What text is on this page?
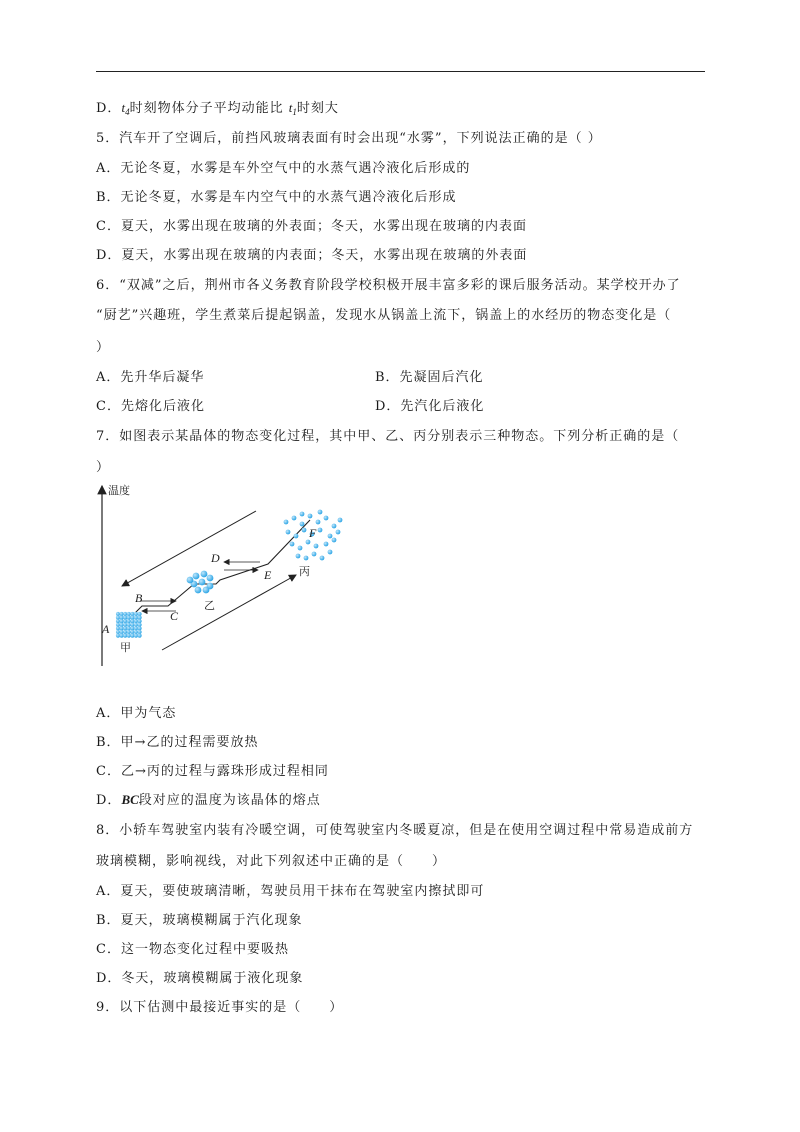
D．$t_4$时刻物体分子平均动能比 $t_1$时刻大
5．汽车开了空调后，前挡风玻璃表面有时会出现“水雾”，下列说法正确的是（ ）
A．无论冬夏，水雾是车外空气中的水蒸气遇冷液化后形成的
B．无论冬夏，水雾是车内空气中的水蒸气遇冷液化后形成
C．夏天，水雾出现在玻璃的外表面；冬天，水雾出现在玻璃的内表面
D．夏天，水雾出现在玻璃的内表面；冬天，水雾出现在玻璃的外表面
6．“双减”之后，荆州市各义务教育阶段学校积极开展丰富多彩的课后服务活动。某学校开办了
“厨艺”兴趣班，学生煮菜后提起锅盖，发现水从锅盖上流下，锅盖上的水经历的物态变化是（
）
A．先升华后凝华	B．先凝固后汽化
C．先熔化后液化	D．先汽化后液化
7．如图表示某晶体的物态变化过程，其中甲、乙、丙分别表示三种物态。下列分析正确的是（
）
温度
A
B
C
D
E
F
甲
乙
丙
A．甲为气态
B．甲→乙的过程需要放热
C．乙→丙的过程与露珠形成过程相同
D．BC段对应的温度为该晶体的熔点
8．小轿车驾驶室内装有冷暖空调，可使驾驶室内冬暖夏凉，但是在使用空调过程中常易造成前方
玻璃模糊，影响视线，对此下列叙述中正确的是（　　）
A．夏天，要使玻璃清晰，驾驶员用干抹布在驾驶室内擦拭即可
B．夏天，玻璃模糊属于汽化现象
C．这一物态变化过程中要吸热
D．冬天，玻璃模糊属于液化现象
9．以下估测中最接近事实的是（　　）
